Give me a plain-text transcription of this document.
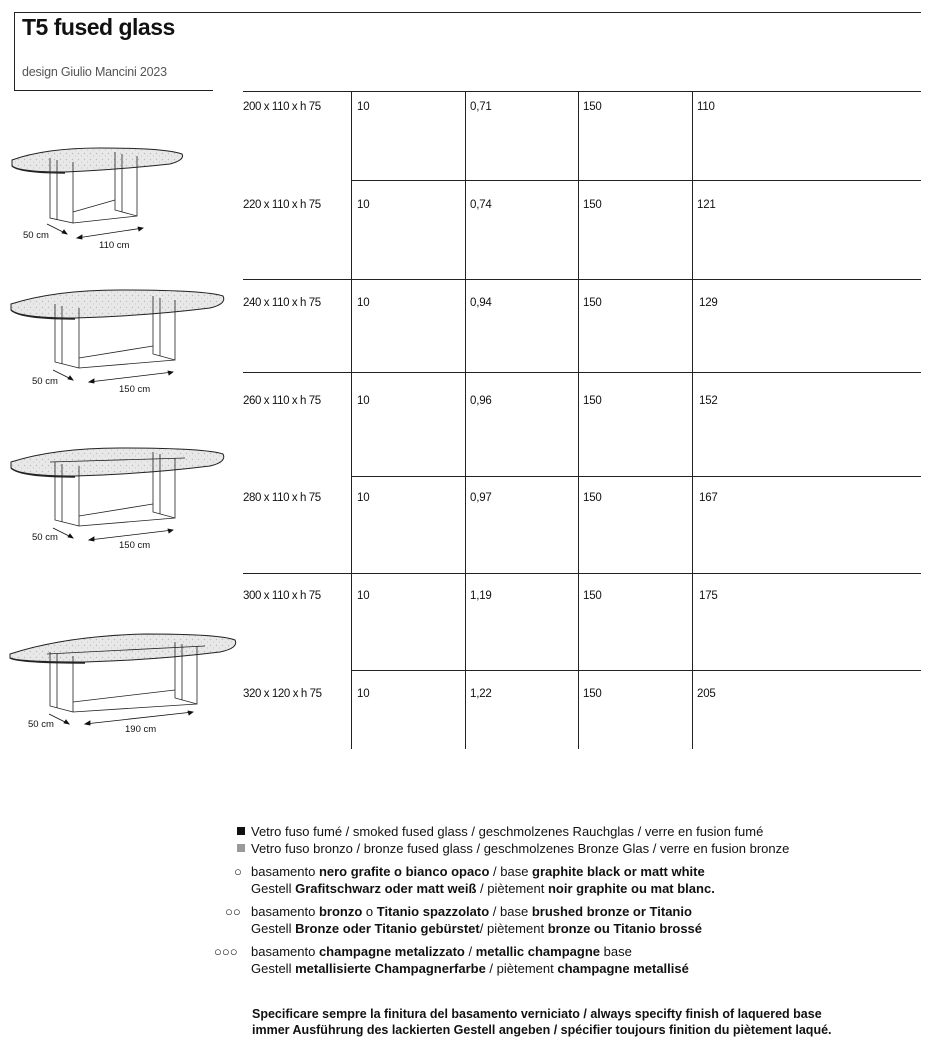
T5 fused glass
design Giulio Mancini 2023
200 x 110 x h 75	10	0,71	150	110
220 x 110 x h 75	10	0,74	150	121
240 x 110 x h 75	10	0,94	150	129
260 x 110 x h 75	10	0,96	150	152
280 x 110 x h 75	10	0,97	150	167
300 x 110 x h 75	10	1,19	150	175
320 x 120 x h 75	10	1,22	150	205
50 cm
110 cm
50 cm
150 cm
50 cm
150 cm
50 cm	190 cm
Vetro fuso fumé / smoked fused glass / geschmolzenes Rauchglas / verre en fusion fumé
Vetro fuso bronzo / bronze fused glass / geschmolzenes Bronze Glas / verre en fusion bronze
○ basamento nero grafite o bianco opaco / base graphite black or matt white
Gestell Grafitschwarz oder matt weiß / piètement noir graphite ou mat blanc.
○○ basamento bronzo o Titanio spazzolato / base brushed bronze or Titanio
Gestell Bronze oder Titanio gebürstet/ piètement bronze ou Titanio brossé
○○○ basamento champagne metalizzato / metallic champagne base
Gestell metallisierte Champagnerfarbe / piètement champagne metallisé
Specificare sempre la finitura del basamento verniciato / always specifty finish of laquered base
immer Ausführung des lackierten Gestell angeben / spécifier toujours finition du piètement laqué.
